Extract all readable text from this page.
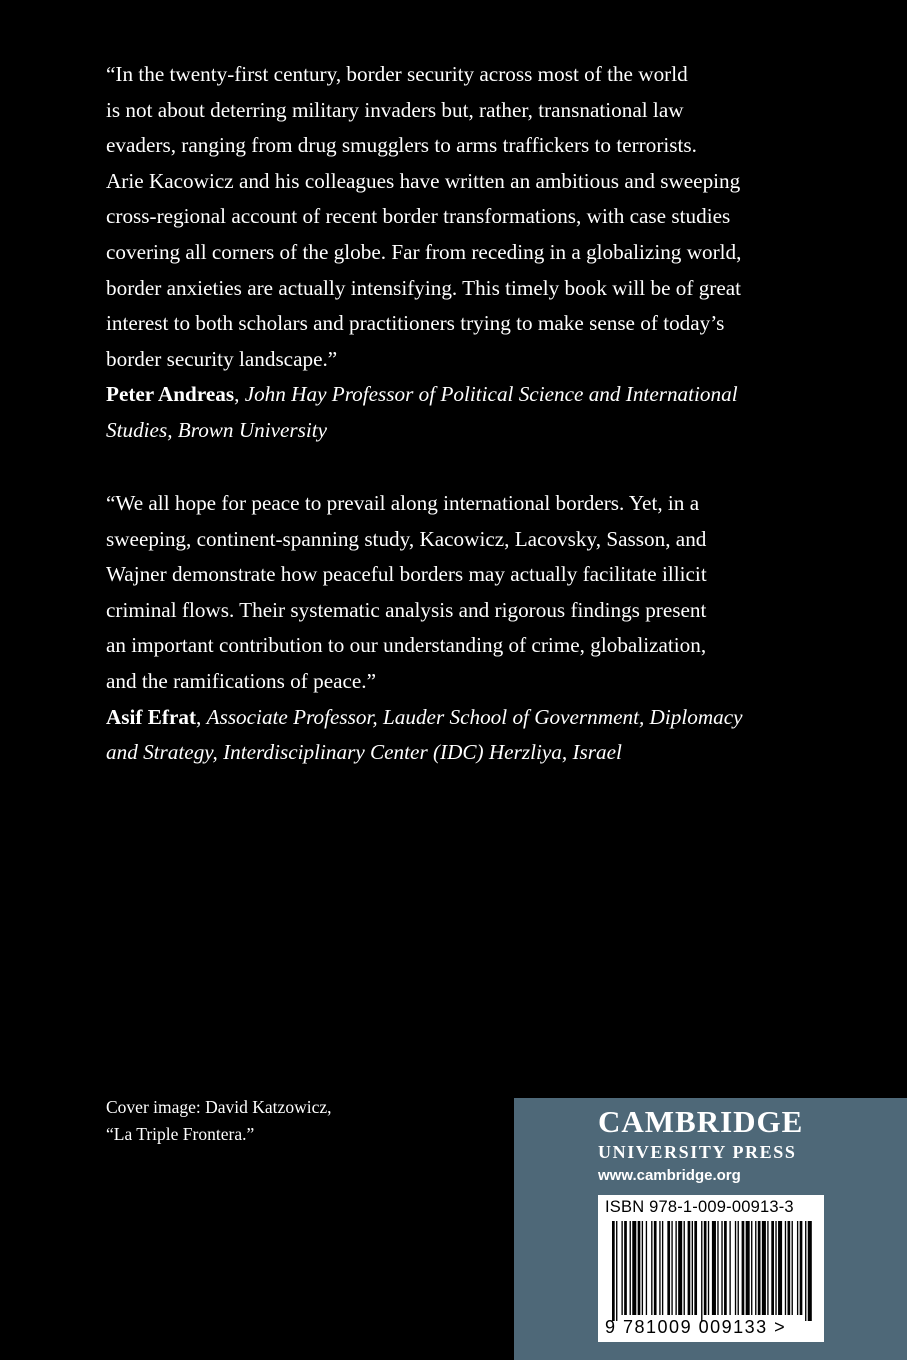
“In the twenty-first century, border security across most of the world
is not about deterring military invaders but, rather, transnational law
evaders, ranging from drug smugglers to arms traffickers to terrorists.
Arie Kacowicz and his colleagues have written an ambitious and sweeping
cross-regional account of recent border transformations, with case studies
covering all corners of the globe. Far from receding in a globalizing world,
border anxieties are actually intensifying. This timely book will be of great
interest to both scholars and practitioners trying to make sense of today’s
border security landscape.”
Peter Andreas, John Hay Professor of Political Science and International
Studies, Brown University
“We all hope for peace to prevail along international borders. Yet, in a
sweeping, continent-spanning study, Kacowicz, Lacovsky, Sasson, and
Wajner demonstrate how peaceful borders may actually facilitate illicit
criminal flows. Their systematic analysis and rigorous findings present
an important contribution to our understanding of crime, globalization,
and the ramifications of peace.”
Asif Efrat, Associate Professor, Lauder School of Government, Diplomacy
and Strategy, Interdisciplinary Center (IDC) Herzliya, Israel
Cover image: David Katzowicz,
“La Triple Frontera.”	CAMBRIDGE
UNIVERSITY PRESS
www.cambridge.org
ISBN 978-1-009-00913-3
9 781009 009133 >
